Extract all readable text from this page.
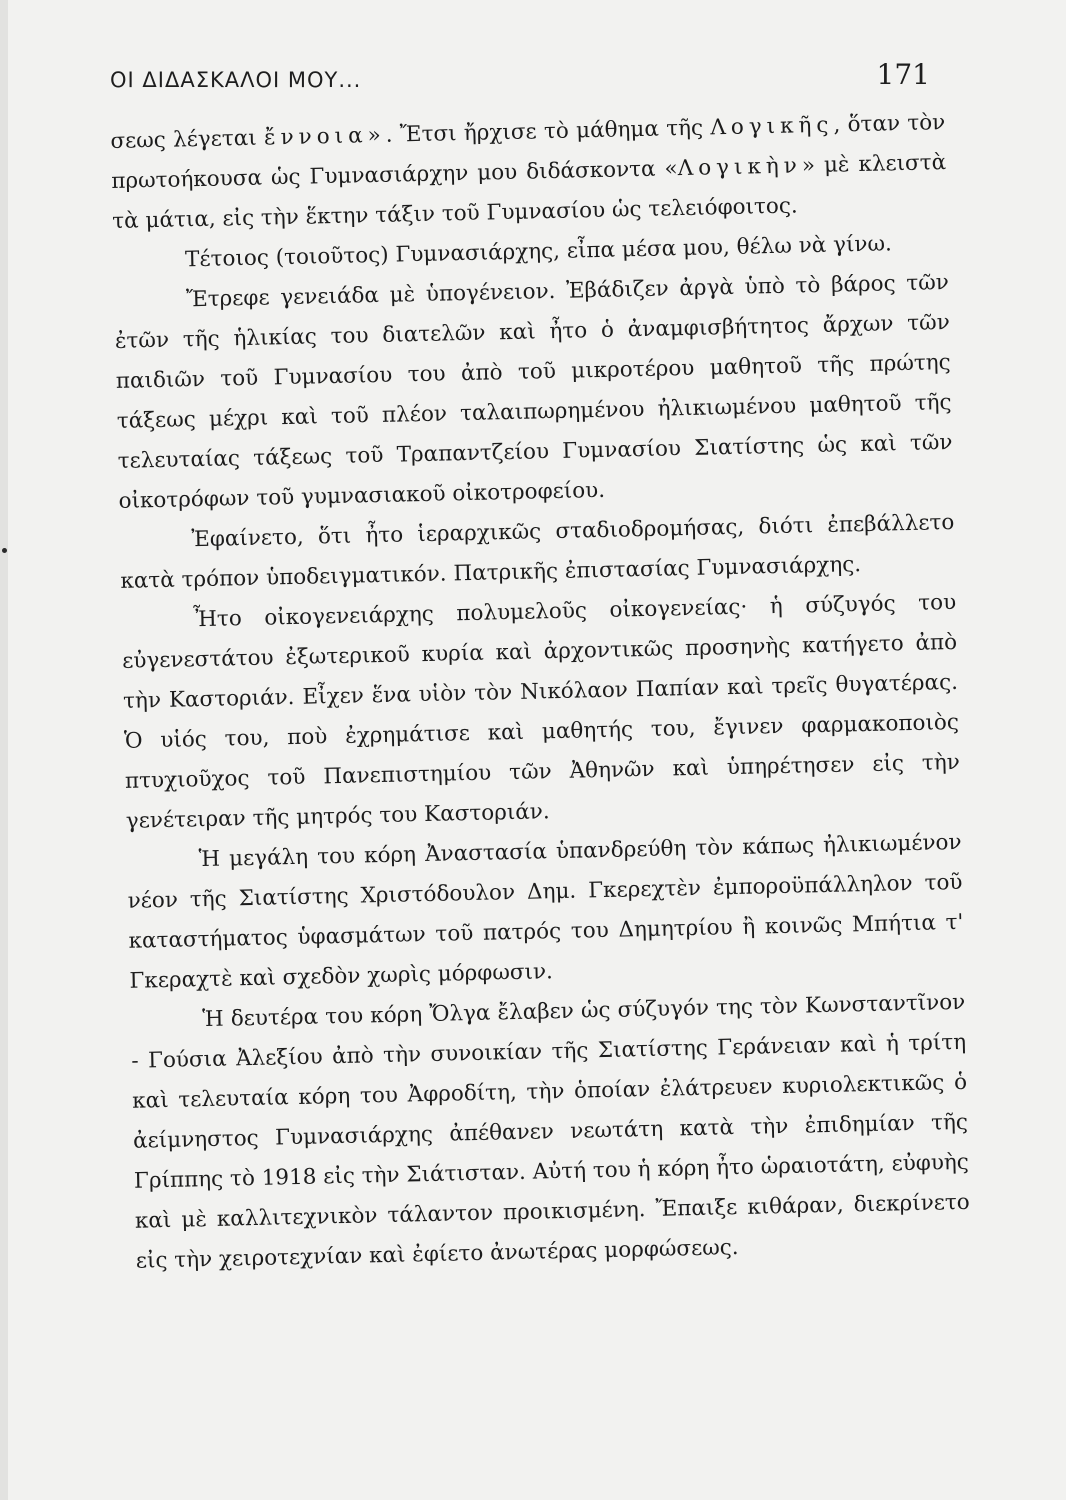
ΟΙ ΔΙΔΑΣΚΑΛΟΙ ΜΟΥ...	171

σεως λέγεται ἔννοια». Ἔτσι ἤρχισε τὸ μάθημα τῆς Λογικῆς, ὅταν τὸν πρωτοήκουσα ὡς Γυμνασιάρχην μου διδάσκοντα «Λογικὴν» μὲ κλειστὰ τὰ μάτια, εἰς τὴν ἕκτην τάξιν τοῦ Γυμνασίου ὡς τελειόφοιτος.

Τέτοιος (τοιοῦτος) Γυμνασιάρχης, εἶπα μέσα μου, θέλω νὰ γίνω.

Ἔτρεφε γενειάδα μὲ ὑπογένειον. Ἐβάδιζεν ἀργὰ ὑπὸ τὸ βάρος τῶν ἐτῶν τῆς ἡλικίας του διατελῶν καὶ ἦτο ὁ ἀναμφισβήτητος ἄρχων τῶν παιδιῶν τοῦ Γυμνασίου του ἀπὸ τοῦ μικροτέρου μαθητοῦ τῆς πρώτης τάξεως μέχρι καὶ τοῦ πλέον ταλαιπωρημένου ἠλικιωμένου μαθητοῦ τῆς τελευταίας τάξεως τοῦ Τραπαντζείου Γυμνασίου Σιατίστης ὡς καὶ τῶν οἰκοτρόφων τοῦ γυμνασιακοῦ οἰκοτροφείου.

Ἐφαίνετο, ὅτι ἦτο ἱεραρχικῶς σταδιοδρομήσας, διότι ἐπεβάλλετο κατὰ τρόπον ὑποδειγματικόν. Πατρικῆς ἐπιστασίας Γυμνασιάρχης.

Ἦτο οἰκογενειάρχης πολυμελοῦς οἰκογενείας· ἡ σύζυγός του εὐγενεστάτου ἐξωτερικοῦ κυρία καὶ ἀρχοντικῶς προσηνὴς κατήγετο ἀπὸ τὴν Καστοριάν. Εἶχεν ἕνα υἱὸν τὸν Νικόλαον Παπίαν καὶ τρεῖς θυγατέρας. Ὁ υἱός του, ποὺ ἐχρημάτισε καὶ μαθητής του, ἔγινεν φαρμακοποιὸς πτυχιοῦχος τοῦ Πανεπιστημίου τῶν Ἀθηνῶν καὶ ὑπηρέτησεν εἰς τὴν γενέτειραν τῆς μητρός του Καστοριάν.

Ἡ μεγάλη του κόρη Ἀναστασία ὑπανδρεύθη τὸν κάπως ἠλικιωμένον νέον τῆς Σιατίστης Χριστόδουλον Δημ. Γκερεχτὲν ἐμποροϋπάλληλον τοῦ καταστήματος ὑφασμάτων τοῦ πατρός του Δημητρίου ἢ κοινῶς Μπήτια τ' Γκεραχτὲ καὶ σχεδὸν χωρὶς μόρφωσιν.

Ἡ δευτέρα του κόρη Ὄλγα ἔλαβεν ὡς σύζυγόν της τὸν Κωνσταντῖνον - Γούσια Ἀλεξίου ἀπὸ τὴν συνοικίαν τῆς Σιατίστης Γεράνειαν καὶ ἡ τρίτη καὶ τελευταία κόρη του Ἀφροδίτη, τὴν ὁποίαν ἐλάτρευεν κυριολεκτικῶς ὁ ἀείμνηστος Γυμνασιάρχης ἀπέθανεν νεωτάτη κατὰ τὴν ἐπιδημίαν τῆς Γρίππης τὸ 1918 εἰς τὴν Σιάτισταν. Αὐτή του ἡ κόρη ἦτο ὡραιοτάτη, εὐφυὴς καὶ μὲ καλλιτεχνικὸν τάλαντον προικισμένη. Ἔπαιξε κιθάραν, διεκρίνετο εἰς τὴν χειροτεχνίαν καὶ ἐφίετο ἀνωτέρας μορφώσεως.
